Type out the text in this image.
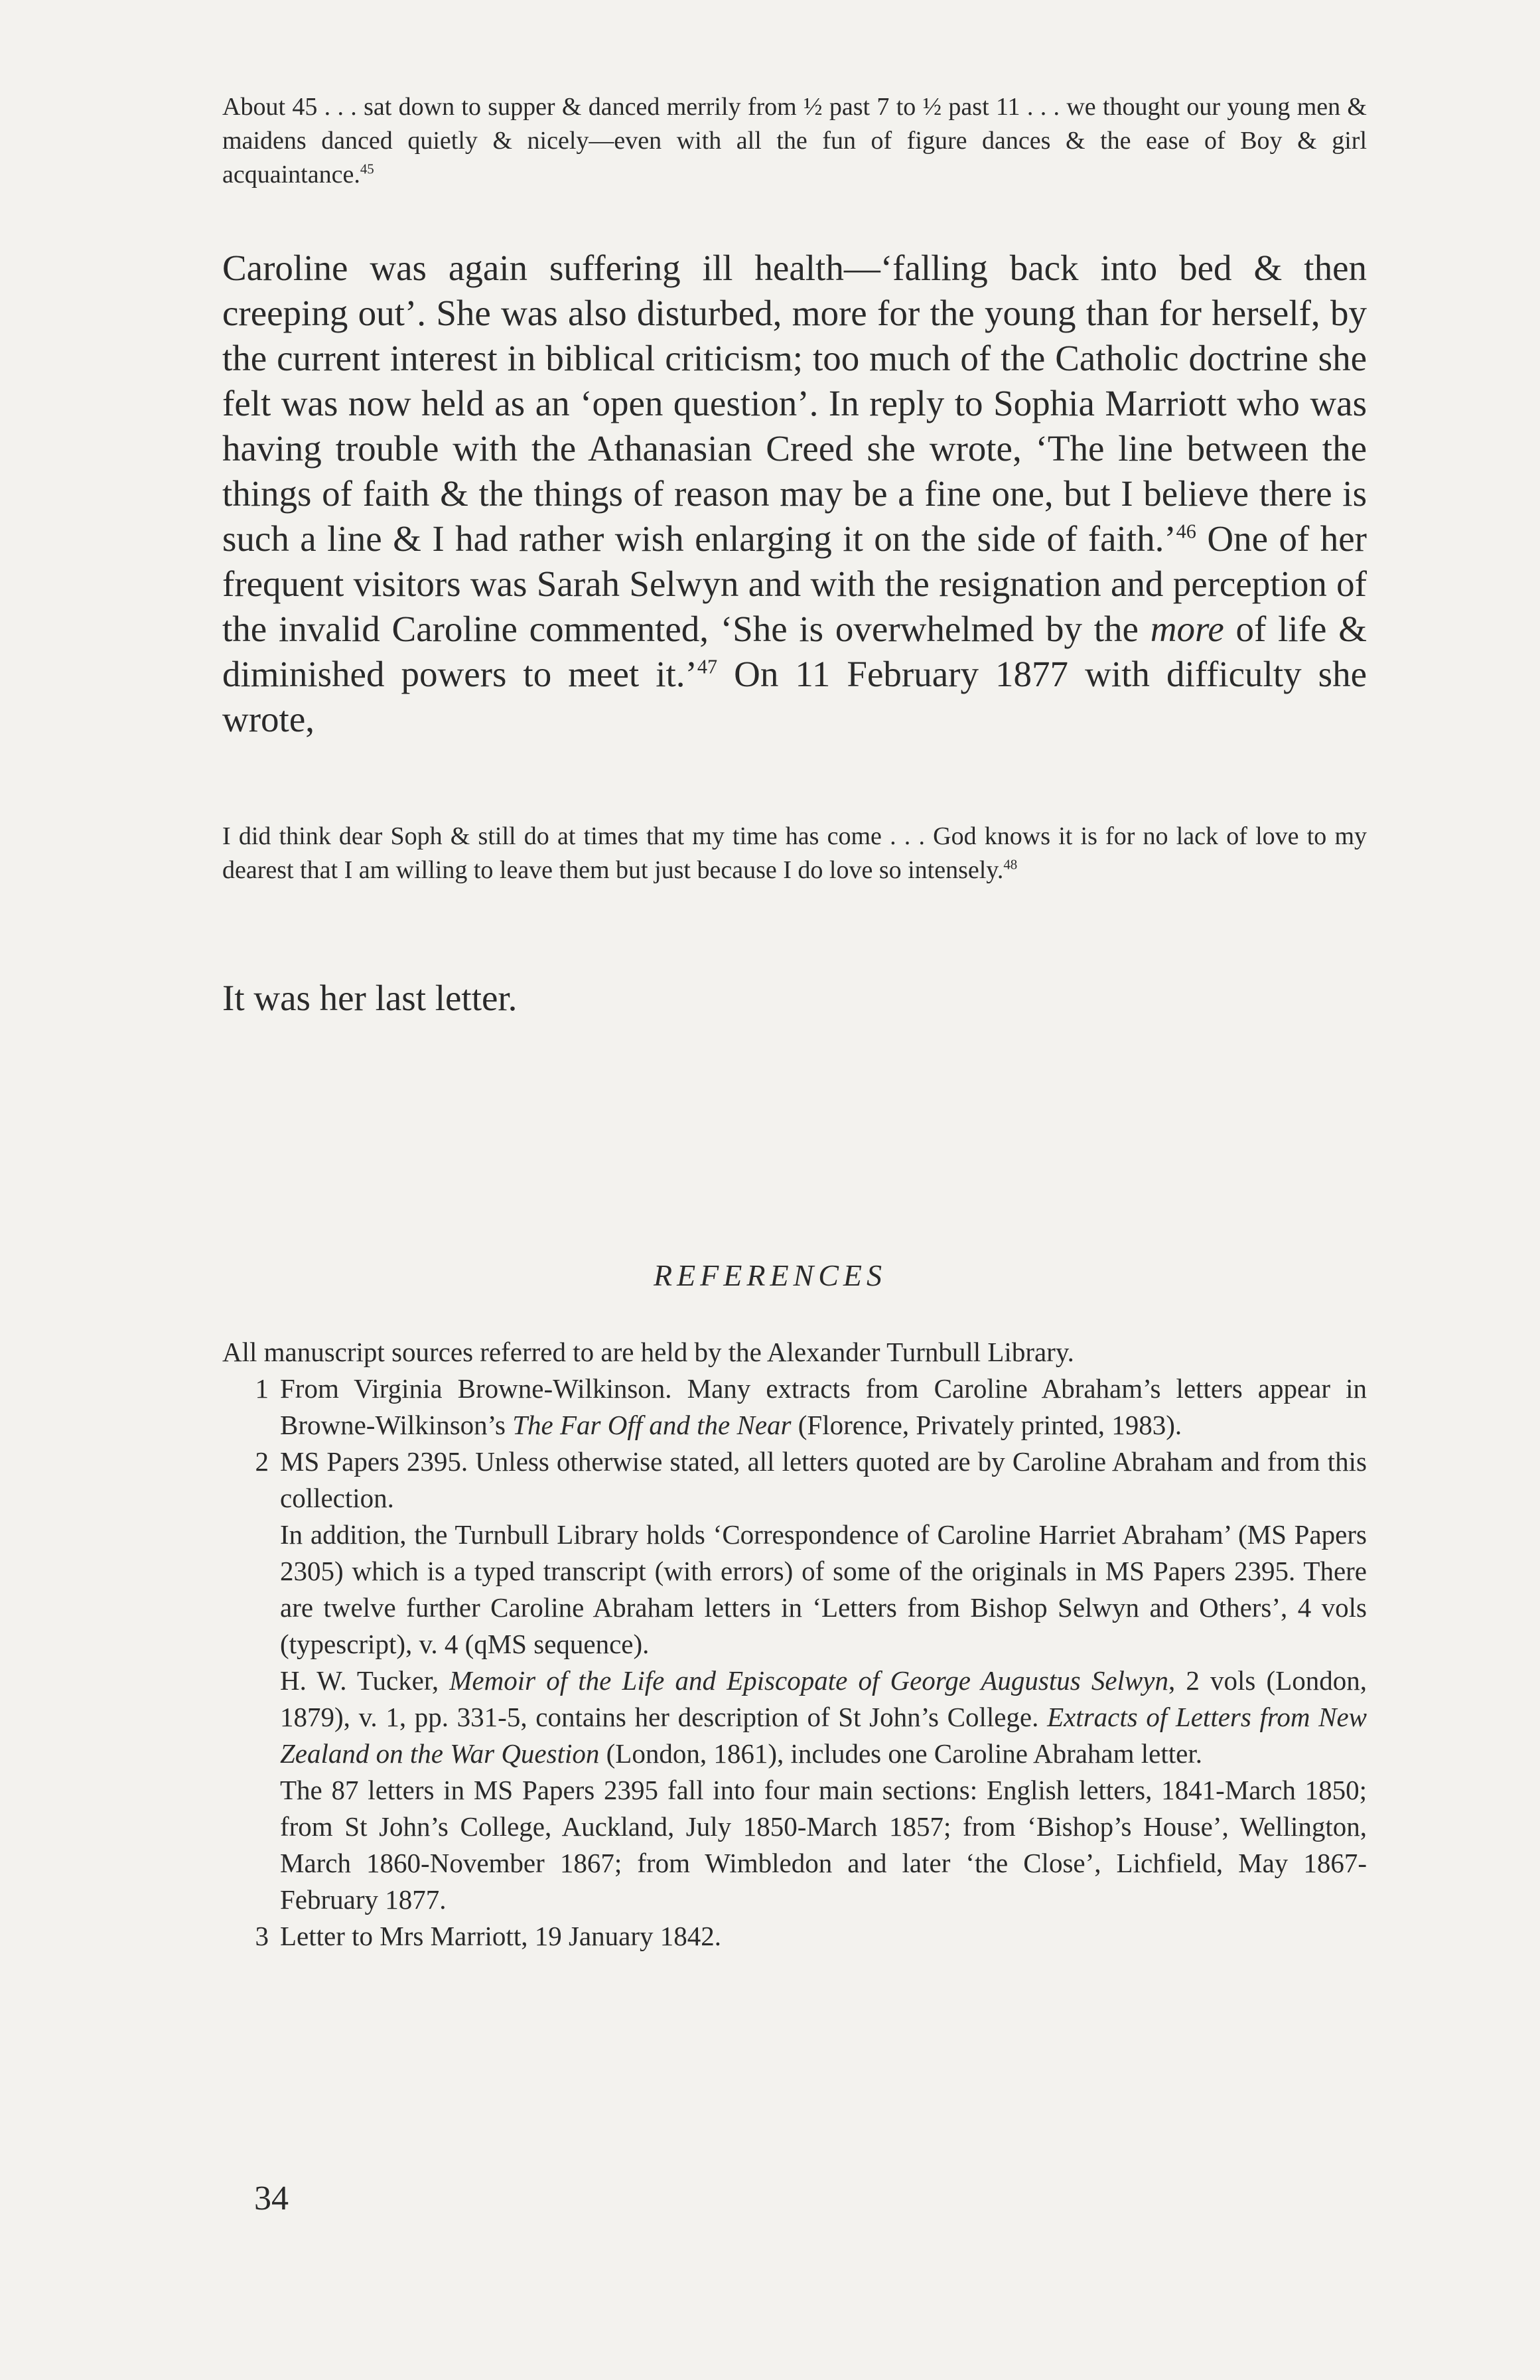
About 45 . . . sat down to supper & danced merrily from ½ past 7 to ½ past 11 . . . we thought our young men & maidens danced quietly & nicely—even with all the fun of figure dances & the ease of Boy & girl acquaintance.$^{45}$

Caroline was again suffering ill health—‘falling back into bed & then creeping out’. She was also disturbed, more for the young than for herself, by the current interest in biblical criticism; too much of the Catholic doctrine she felt was now held as an ‘open question’. In reply to Sophia Marriott who was having trouble with the Athanasian Creed she wrote, ‘The line between the things of faith & the things of reason may be a fine one, but I believe there is such a line & I had rather wish enlarging it on the side of faith.’$^{46}$ One of her frequent visitors was Sarah Selwyn and with the resignation and perception of the invalid Caroline commented, ‘She is overwhelmed by the more of life & diminished powers to meet it.’$^{47}$ On 11 February 1877 with difficulty she wrote,

I did think dear Soph & still do at times that my time has come . . . God knows it is for no lack of love to my dearest that I am willing to leave them but just because I do love so intensely.$^{48}$

It was her last letter.

REFERENCES

All manuscript sources referred to are held by the Alexander Turnbull Library.

1 From Virginia Browne-Wilkinson. Many extracts from Caroline Abraham’s letters appear in Browne-Wilkinson’s The Far Off and the Near (Florence, Privately printed, 1983).

2 MS Papers 2395. Unless otherwise stated, all letters quoted are by Caroline Abraham and from this collection.

In addition, the Turnbull Library holds ‘Correspondence of Caroline Harriet Abraham’ (MS Papers 2305) which is a typed transcript (with errors) of some of the originals in MS Papers 2395. There are twelve further Caroline Abraham letters in ‘Letters from Bishop Selwyn and Others’, 4 vols (typescript), v. 4 (qMS sequence).

H. W. Tucker, Memoir of the Life and Episcopate of George Augustus Selwyn, 2 vols (London, 1879), v. 1, pp. 331-5, contains her description of St John’s College. Extracts of Letters from New Zealand on the War Question (London, 1861), includes one Caroline Abraham letter.

The 87 letters in MS Papers 2395 fall into four main sections: English letters, 1841-March 1850; from St John’s College, Auckland, July 1850-March 1857; from ‘Bishop’s House’, Wellington, March 1860-November 1867; from Wimbledon and later ‘the Close’, Lichfield, May 1867-February 1877.

3 Letter to Mrs Marriott, 19 January 1842.

34
